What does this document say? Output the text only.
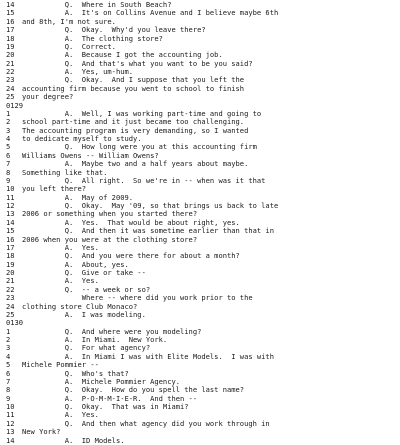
14	Q.  Where in South Beach?
15	A.  It's on Collins Avenue and I believe maybe 6th
16	and 8th, I'm not sure.
17	Q.  Okay.  Why'd you leave there?
18	A.  The clothing store?
19	Q.  Correct.
20	A.  Because I got the accounting job.
21	Q.  And that's what you want to be you said?
22	A.  Yes, um-hum.
23	Q.  Okay.  And I suppose that you left the
24	accounting firm because you went to school to finish
25	your degree?
0129
1	A.  Well, I was working part-time and going to
2	school part-time and it just became too challenging.
3	The accounting program is very demanding, so I wanted
4	to dedicate myself to study.
5	Q.  How long were you at this accounting firm
6	Williams Owens -- William Owens?
7	A.  Maybe two and a half years about maybe.
8	Something like that.
9	Q.  All right.  So we're in -- when was it that
10	you left there?
11	A.  May of 2009.
12	Q.  Okay.  May '09, so that brings us back to late
13	2006 or something when you started there?
14	A.  Yes.  That would be about right, yes.
15	Q.  And then it was sometime earlier than that in
16	2006 when you were at the clothing store?
17	A.  Yes.
18	Q.  And you were there for about a month?
19	A.  About, yes.
20	Q.  Give or take --
21	A.  Yes.
22	Q.  -- a week or so?
23	Where -- where did you work prior to the
24	clothing store Club Monaco?
25	A.  I was modeling.
0130
1	Q.  And where were you modeling?
2	A.  In Miami.  New York.
3	Q.  For what agency?
4	A.  In Miami I was with Elite Models.  I was with
5	Michele Pommier --
6	Q.  Who's that?
7	A.  Michele Pommier Agency.
8	Q.  Okay.  How do you spell the last name?
9	A.  P-O-M-M-I-E-R.  And then --
10	Q.  Okay.  That was in Miami?
11	A.  Yes.
12	Q.  And then what agency did you work through in
13	New York?
14	A.  ID Models.
